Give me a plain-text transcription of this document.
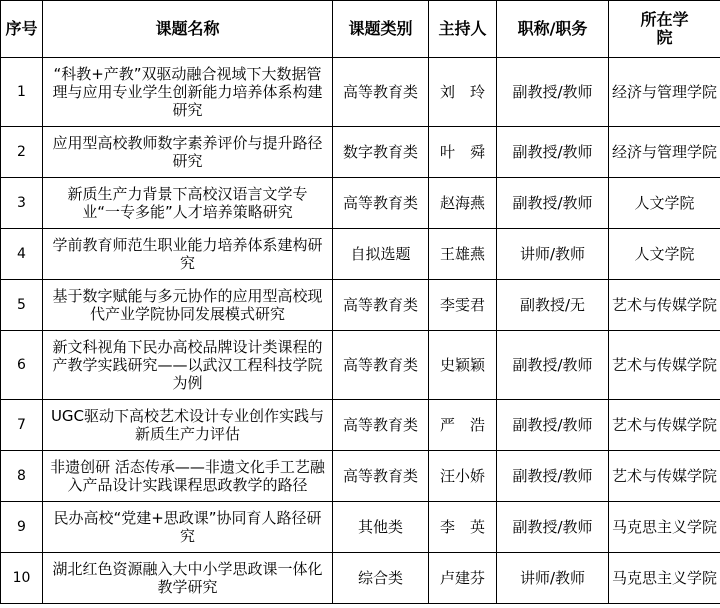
序号	课题名称	课题类别	主持人	职称/职务	所在学院
1	“科教+产教”双驱动融合视域下大数据管理与应用专业学生创新能力培养体系构建研究	高等教育类	刘　玲	副教授/教师	经济与管理学院
2	应用型高校教师数字素养评价与提升路径研究	数字教育类	叶　舜	副教授/教师	经济与管理学院
3	新质生产力背景下高校汉语言文学专业“一专多能”人才培养策略研究	高等教育类	赵海燕	副教授/教师	人文学院
4	学前教育师范生职业能力培养体系建构研究	自拟选题	王雄燕	讲师/教师	人文学院
5	基于数字赋能与多元协作的应用型高校现代产业学院协同发展模式研究	高等教育类	李雯君	副教授/无	艺术与传媒学院
6	新文科视角下民办高校品牌设计类课程的产教学实践研究——以武汉工程科技学院为例	高等教育类	史颖颖	副教授/教师	艺术与传媒学院
7	UGC驱动下高校艺术设计专业创作实践与新质生产力评估	高等教育类	严　浩	副教授/教师	艺术与传媒学院
8	非遗创研 活态传承——非遗文化手工艺融入产品设计实践课程思政教学的路径	高等教育类	汪小娇	副教授/教师	艺术与传媒学院
9	民办高校“党建+思政课”协同育人路径研究	其他类	李　英	副教授/教师	马克思主义学院
10	湖北红色资源融入大中小学思政课一体化教学研究	综合类	卢建芬	讲师/教师	马克思主义学院
